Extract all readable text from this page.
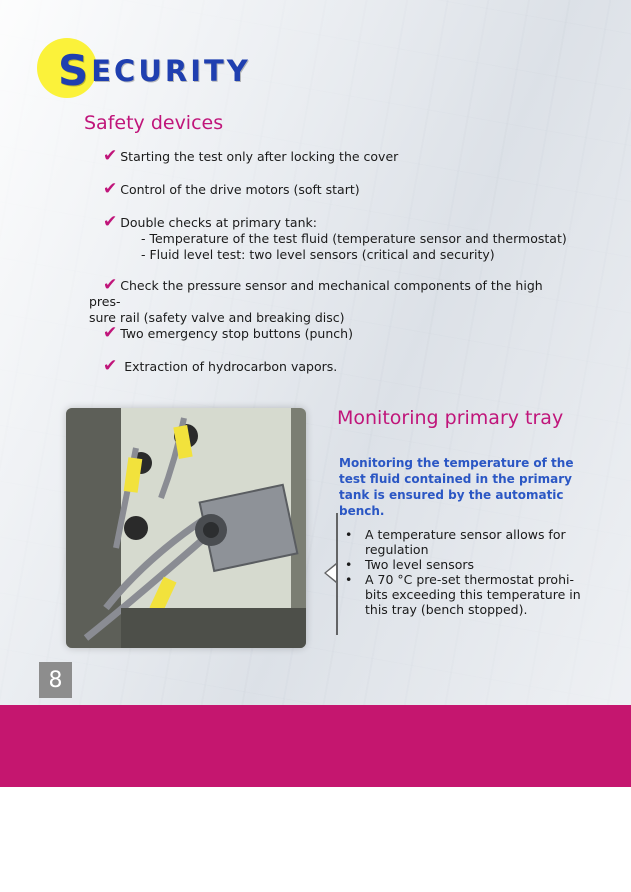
SECURITY
Safety devices
✔ Starting the test only after locking the cover
✔ Control of the drive motors (soft start)
✔ Double checks at primary tank:
- Temperature of the test fluid (temperature sensor and thermostat)
- Fluid level test: two level sensors (critical and security)
✔ Check the pressure sensor and mechanical components of the high pres-
sure rail (safety valve and breaking disc)
✔ Two emergency stop buttons (punch)
✔ Extraction of hydrocarbon vapors.
Monitoring primary tray
Monitoring the temperature of the test fluid contained in the primary tank is ensured by the automatic bench.
• A temperature sensor allows for
regulation
• Two level sensors
• A 70 °C pre-set thermostat prohi-
bits exceeding this temperature in
this tray (bench stopped).
8
